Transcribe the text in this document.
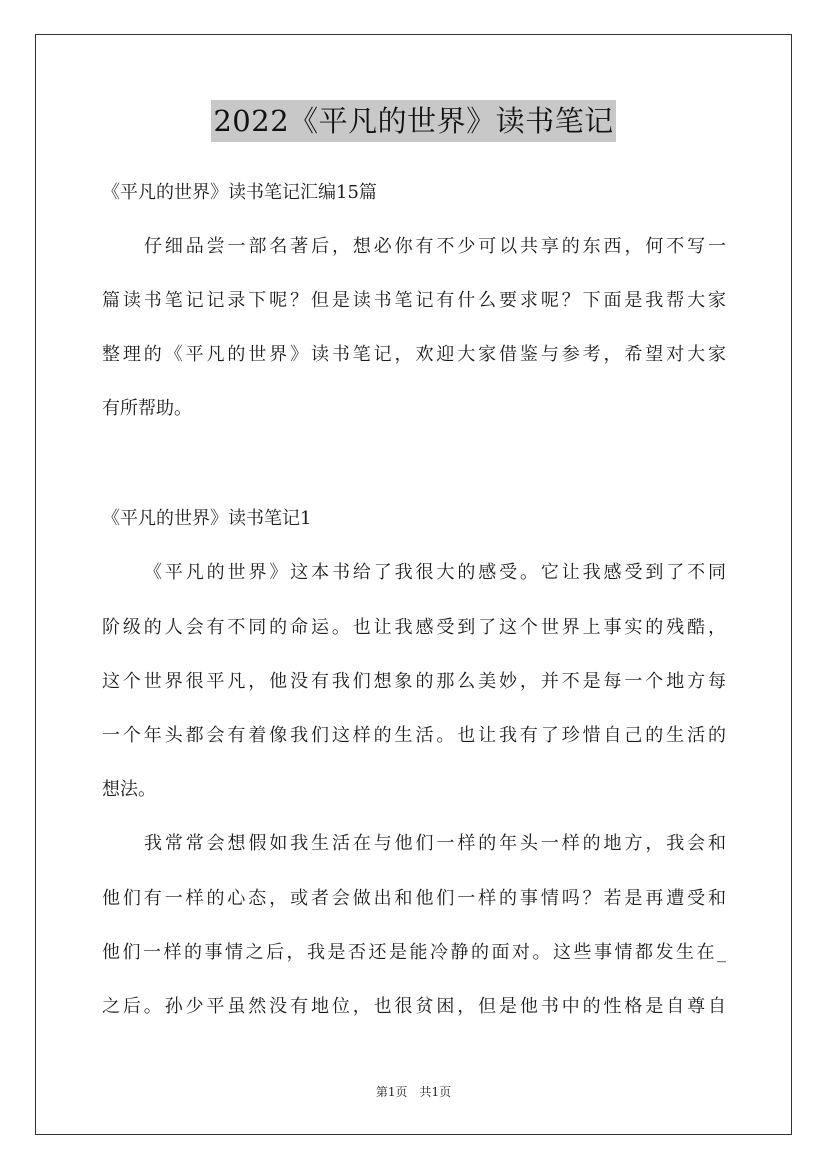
2022《平凡的世界》读书笔记
《平凡的世界》读书笔记汇编15篇
仔细品尝一部名著后，想必你有不少可以共享的东西，何不写一
篇读书笔记记录下呢？但是读书笔记有什么要求呢？下面是我帮大家
整理的《平凡的世界》读书笔记，欢迎大家借鉴与参考，希望对大家
有所帮助。
《平凡的世界》读书笔记1
《平凡的世界》这本书给了我很大的感受。它让我感受到了不同
阶级的人会有不同的命运。也让我感受到了这个世界上事实的残酷，
这个世界很平凡，他没有我们想象的那么美妙，并不是每一个地方每
一个年头都会有着像我们这样的生活。也让我有了珍惜自己的生活的
想法。
我常常会想假如我生活在与他们一样的年头一样的地方，我会和
他们有一样的心态，或者会做出和他们一样的事情吗？若是再遭受和
他们一样的事情之后，我是否还是能冷静的面对。这些事情都发生在_
之后。孙少平虽然没有地位，也很贫困，但是他书中的性格是自尊自
第1页　共1页
